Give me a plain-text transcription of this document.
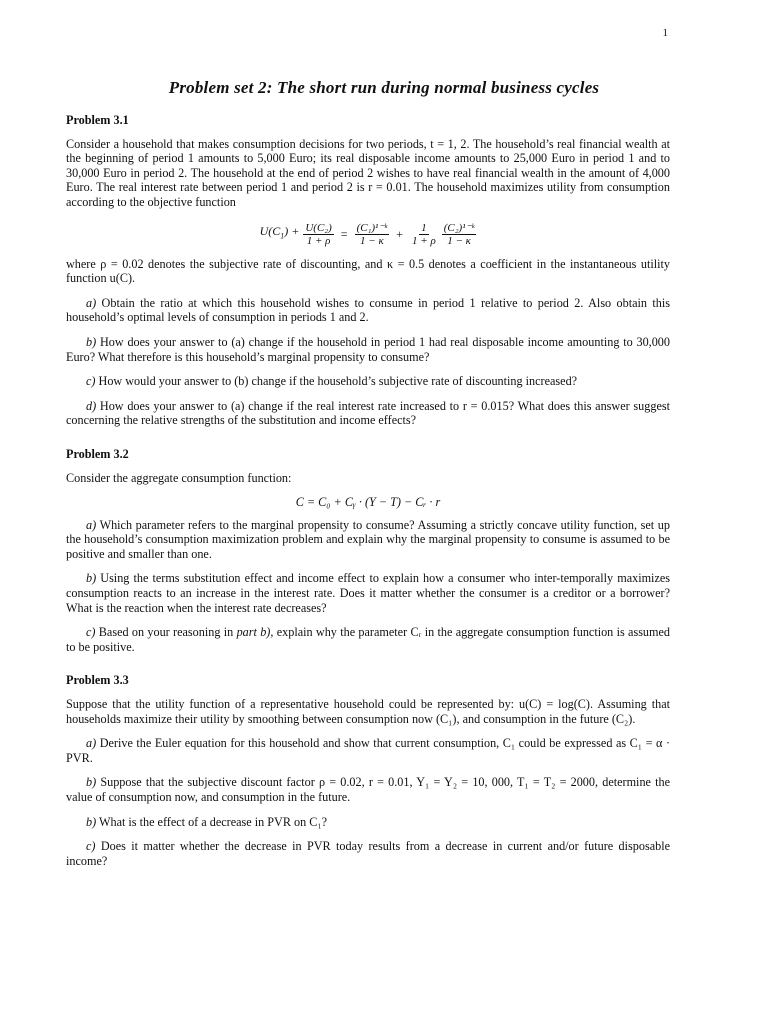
1
Problem set 2: The short run during normal business cycles
Problem 3.1

Consider a household that makes consumption decisions for two periods, t = 1, 2. The household’s real financial wealth at the beginning of period 1 amounts to 5,000 Euro; its real disposable income amounts to 25,000 Euro in period 1 and to 30,000 Euro in period 2. The household at the end of period 2 wishes to have real financial wealth in the amount of 4,000 Euro. The real interest rate between period 1 and period 2 is r = 0.01. The household maximizes utility from consumption according to the objective function

$U(C_1) + \frac{\text{U(C₂)}}{1 + \rho} = \frac{\text{(C₁)¹⁻ᵏ}}{1 - \kappa} + \frac{1}{1 + \rho} \frac{\text{(C₂)¹⁻ᵏ}}{1 - \kappa}$

where ρ = 0.02 denotes the subjective rate of discounting, and κ = 0.5 denotes a coefficient in the instantaneous utility function u(C).

a) Obtain the ratio at which this household wishes to consume in period 1 relative to period 2. Also obtain this household’s optimal levels of consumption in periods 1 and 2.

b) How does your answer to (a) change if the household in period 1 had real disposable income amounting to 30,000 Euro? What therefore is this household’s marginal propensity to consume?

c) How would your answer to (b) change if the household’s subjective rate of discounting increased?

d) How does your answer to (a) change if the real interest rate increased to r = 0.015? What does this answer suggest concerning the relative strengths of the substitution and income effects?

Problem 3.2

Consider the aggregate consumption function:

C = C₀ + Cᵧ · (Y − T) − Cᵣ · r

a) Which parameter refers to the marginal propensity to consume? Assuming a strictly concave utility function, set up the household’s consumption maximization problem and explain why the marginal propensity to consume is assumed to be positive and smaller than one.

b) Using the terms substitution effect and income effect to explain how a consumer who inter-temporally maximizes consumption reacts to an increase in the interest rate. Does it matter whether the consumer is a creditor or a borrower? What is the reaction when the interest rate decreases?

c) Based on your reasoning in part b), explain why the parameter Cᵣ in the aggregate consumption function is assumed to be positive.

Problem 3.3

Suppose that the utility function of a representative household could be represented by: u(C) = log(C). Assuming that households maximize their utility by smoothing between consumption now (C₁), and consumption in the future (C₂).

a) Derive the Euler equation for this household and show that current consumption, C₁ could be expressed as C₁ = α · PVR.

b) Suppose that the subjective discount factor ρ = 0.02, r = 0.01, Y₁ = Y₂ = 10, 000, T₁ = T₂ = 2000, determine the value of consumption now, and consumption in the future.

b) What is the effect of a decrease in PVR on C₁?

c) Does it matter whether the decrease in PVR today results from a decrease in current and/or future disposable income?
